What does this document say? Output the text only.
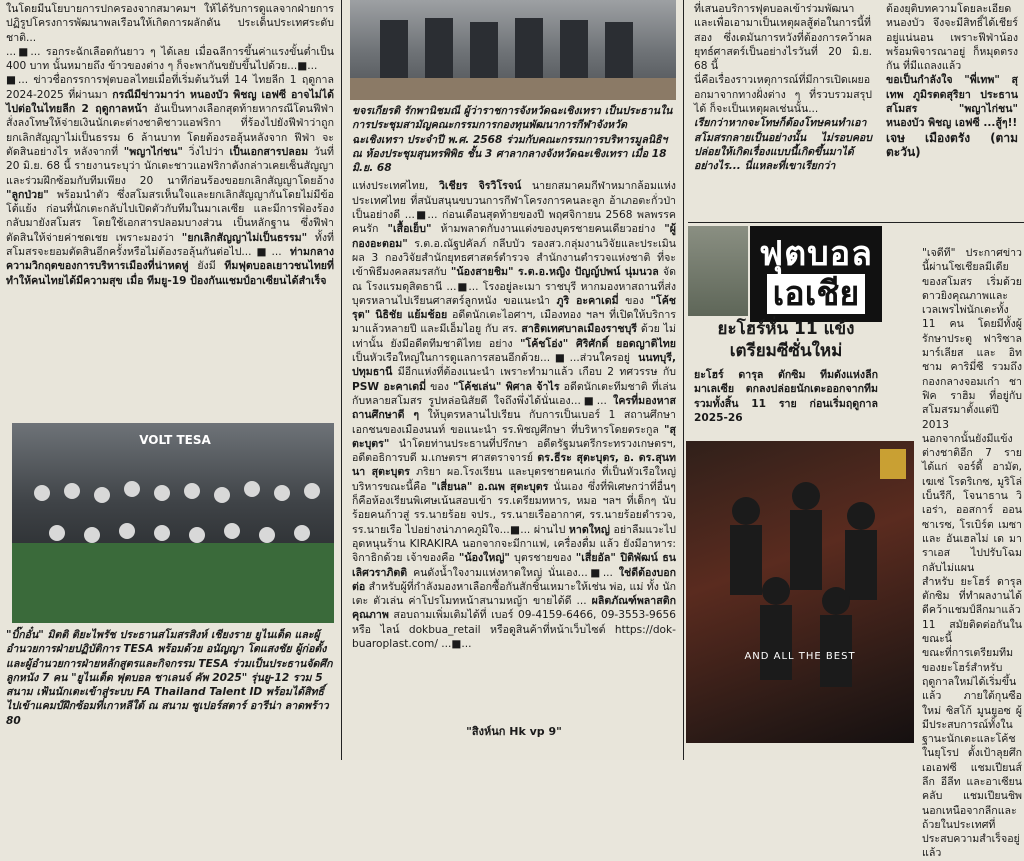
ในโดยมีนโยบายการปกครองจากสมาคมฯ ให้ได้รับการดูแลจากฝ่ายการปฏิรูปโครงการพัฒนาพลเรือนให้เกิดการผลักดัน ประเด็นประเทศระดับชาติ...

...■... รอกระฉักเลือดกันยาว ๆ ได้เลย เมื่อฉลีการขึ้นค่าแรงขั้นต่ำเป็น 400 บาท นั้นหมายถึง ข้าวของต่าง ๆ ก็จะพากันขยับขึ้นไปด้วย...■...

■... ข่าวชื่อกรรการฟุตบอลไทยเมื่อที่เริ่มต้นวันที่ 14 ไทยลีก 1 ฤดูกาล 2024-2025 ที่ผ่านมา กรณีมีข่าวมาว่า หนองบัว พิชญ เอฟซี อาจไม่ได้ไปต่อในไทยลีก 2 ฤดูกาลหน้า อันเป็นทางเลือกสุดท้ายหากรณีโดนฟีฟ่าสั่งลงโทษให้จ่ายเงินนักเตะต่างชาติชาวแอฟริกา ที่ร้องไปยังฟีฟ่าว่าถูกยกเลิกสัญญาไม่เป็นธรรม 6 ล้านบาท โดยต้องรอลุ้นหลังจาก ฟีฟ่า จะตัดสินอย่างไร หลังจากที่ "พญาไก่ชน" วิ่งไปว่า เป็นเอกสารปลอม วันที่ 20 มิ.ย. 68 นี้ รายงานระบุว่า นักเตะชาวแอฟริกาดังกล่าวเคยเซ็นสัญญาและร่วมฝึกซ้อมกับทีมเพียง 20 นาทีก่อนร้องขอยกเลิกสัญญาโดยอ้าง "ลูกป่วย" พร้อมนำตัว ซึ่งสโมสรเห็นใจและยกเลิกสัญญากันโดยไม่มีข้อโต้แย้ง ก่อนที่นักเตะกลับไปเปิดตัวกับทีมในมาเลเซีย และมีการฟ้องร้องกลับมายังสโมสร โดยใช้เอกสารปลอมบางส่วน เป็นหลักฐาน ซึ่งฟีฟ่าตัดสินให้จ่ายค่าชดเชย เพราะมองว่า "ยกเลิกสัญญาไม่เป็นธรรม" ทั้งที่สโมสรจะยอมตัดสินอีกครั้งหรือไม่ต้องรอลุ้นกันต่อไป...■... ท่ามกลางความวิกฤตของการบริหารเมืองที่น่าหดหู่ ยังมี ทีมฟุตบอลเยาวชนไทยที่ทำให้คนไทยได้มีความสุข เมื่อ ทีมยู-19 ป้องกันแชมป์อาเซียนได้สำเร็จ

VOLT TESA

"บิ๊กอั๋น" มิตติ ติยะไพรัช ประธานสโมสรสิงห์ เชียงราย ยูไนเต็ด และผู้อำนวยการฝ่ายปฏิบัติการ TESA พร้อมด้วย อนัญญา โตแสงชัย ผู้ก่อตั้งและผู้อำนวยการฝ่ายหลักสูตรและกิจกรรม TESA ร่วมเป็นประธานจัดศึกลูกหนัง 7 คน "ยูไนเต็ด ฟุตบอล ชาเลนจ์ คัพ 2025" รุ่นยู-12 รวม 5 สนาม เฟ้นนักเตะเข้าสู่ระบบ FA Thailand Talent ID พร้อมได้สิทธิ์ไปเข้าแคมป์ฝึกซ้อมที่เกาหลีใต้ ณ สนาม ซูเปอร์สตาร์ อารีน่า ลาดพร้าว 80

ขจรเกียรติ รักพานิชมณี ผู้ว่าราชการจังหวัดฉะเชิงเทรา เป็นประธานในการประชุมสามัญคณะกรรมการกองทุนพัฒนาการกีฬาจังหวัดฉะเชิงเทรา ประจำปี พ.ศ. 2568 ร่วมกับคณะกรรมการบริหารมูลนิธิฯ ณ ห้องประชุมสุนทรพิพิธ ชั้น 3 ศาลากลางจังหวัดฉะเชิงเทรา เมื่อ 18 มิ.ย. 68

แห่งประเทศไทย, วิเชียร จิรวิโรจน์ นายกสมาคมกีฬาหมากล้อมแห่งประเทศไทย ที่สนับสนุนขบวนการกีฬาโครงการคนละลูก อ้าเภอตะกั่วป่า เป็นอย่างดี ...■... ก่อนเดือนสุดท้ายของปี พฤศจิกายน 2568 พลพรรคคนรัก "เสื้อเย็บ" ห้ามพลาดกับงานแต่งของบุตรชายคนเดียวอย่าง "ผู้กองอะตอม" ร.ต.อ.ณัฐปคัลภ์ กลีบบัว รองสว.กลุ่มงานวิจัยและประเมินผล 3 กองวิจัยสำนักยุทธศาสตร์ตำรวจ สำนักงานตำรวจแห่งชาติ ที่จะเข้าพิธีมงคลสมรสกับ "น้องสายชิม" ร.ต.อ.หญิง ปัญญ์ปพน์ นุ่มนวล จัด ณ โรงแรมดุสิตธานี ...■... โรงอยู่ละเมา ราชบุรี หากมองหาสถานที่ส่งบุตรหลานไปเรียนศาสตร์ลูกหนัง ขอแนะนำ ภูริ อะคาเดมี่ ของ "โค้ชรุต" นิธิชัย แย้มช้อย อดีตนักเตะไอศาฯ, เมืองทอง ฯลฯ ที่เปิดให้บริการมาแล้วหลายปี และมีเอ็มไอยู กับ สร. สาธิตเทศบาลเมืองราชบุรี ด้วย ไม่เท่านั้น ยังมีอดีตทีมชาติไทย อย่าง "โค้ชโอ่ง" ศิริศักดิ์ ยอดญาติไทย เป็นหัวเรือใหญ่ในการดูแลการสอนอีกด้วย...■...ส่วนใครอยู่ นนทบุรี, ปทุมธานี มีอีกแห่งที่ต้องแนะนำ เพราะทำมาแล้ว เกือบ 2 ทศวรรษ กับ PSW อะคาเดมี่ ของ "โค้ชเล่น" พิศาล จ้าไร อดีตนักเตะทีมชาติ ที่เล่นกับหลายสโมสร รูปหล่อนิสัยดี ใจถึงพึ่งได้นั่นเอง...■... ใครที่มองหาสถานศึกษาดี ๆ ให้บุตรหลานไปเรียน กับการเป็นเบอร์ 1 สถานศึกษาเอกชนของเมืองนนท์ ขอแนะนำ รร.พิชญศึกษา ที่บริหารโดยตระกูล "สุตะบุตร" นำโดยท่านประธานที่ปรึกษา อดีตรัฐมนตรีกระทรวงเกษตรฯ, อดีตอธิการบดี ม.เกษตรฯ ศาสตราจารย์ ดร.ธีระ สุตะบุตร, อ. ดร.สุนทนา สุตะบุตร ภริยา ผอ.โรงเรียน และบุตรชายคนเก่ง ที่เป็นหัวเรือใหญ่บริหารขณะนี้คือ "เสี่ยนล" อ.ณพ สุตะบุตร นั่นเอง ซึ่งที่พิเศษกว่าที่อื่นๆ ก็คือห้องเรียนพิเศษเน้นสอบเข้า รร.เตรียมทหาร, หมอ ฯลฯ ที่เด็กๆ นับร้อยคนก้าวสู่ รร.นายร้อย จปร., รร.นายเรืออากาศ, รร.นายร้อยตำรวจ, รร.นายเรือ ไปอย่างน่าภาคภูมิใจ...■... ผ่านไป หาดใหญ่ อย่าลืมแวะไปอุดหนุนร้าน KIRAKIRA นอกจากจะมีกาแฟ, เครื่องดื่ม แล้ว ยังมีอาหาร: จิกาธิกด้วย เจ้าของคือ "น้องใหญ่" บุตรชายของ "เสี่ยอัล" ปิติพัฒน์ ธนเลิศวราภิตติ คนดังน้ำใจงามแห่งหาดใหญ่ นั่นเอง...■... ใช่ดีต้องบอกต่อ สำหรับผู้ที่กำลังมองหาเลือกซื้อกันสักชิ้นเหมาะให้เช่น พ่อ, แม่ ทั้ง นักเตะ ตัวเล่น ค่าโปรโมทหน้าสนามหญ้า ขายได้ดี ... ผลิตภัณฑ์พลาสติกคุณภาพ สอบถามเพิ่มเติมได้ที่ เบอร์ 09-4159-6466, 09-3553-9656 หรือ ไลน์ dokbua_retail หรือดูสินค้าที่หน้าเว็บไซต์ https://dok-buaroplast.com/ ...■...

"สิงห์นก Hk vp 9"

ที่เสนอบริการฟุตบอลเข้าร่วมพัฒนาและเพื่อเอามาเป็นเหตุผลสู้ต่อในการนี้ที่สอง ซึ่งเดมันการหวังที่ต้องการคว้าผลยุทธ์ศาสตร์เป็นอย่างไรวันที่ 20 มิ.ย. 68 นี้

นี่คือเรื่องราวเหตุการณ์ที่มีการเปิดเผยออกมาจากทางฝั่งต่าง ๆ ที่รวบรวมสรุปได้ ก็จะเป็นเหตุผลเช่นนั้น...

เรียกว่าหากจะโทษก็ต้องโทษคนทำเอาสโมสรกลายเป็นอย่างนั้น ไม่รอบคอบ ปล่อยให้เกิดเรื่องแบบนี้เกิดขึ้นมาได้ อย่างไร... นี่แหละที่เขาเรียกว่า

ต้องยุติบทความโดยละเอียด หนองบัว จึงจะมีสิทธิ์ได้เชียร์อยู่แน่นอน เพราะฟีฟ่าน้องพร้อมพิจารณาอยู่ ก็หมุดตรงกัน ที่มีแถลงแล้ว

ขอเป็นกำลังใจ "พี่เทพ" สุเทพ ภูมิรตดสุริยา ประธานสโมสร "พญาไก่ชน" หนองบัว พิชญ เอฟซี ...สู้ๆ!!

เจษ เมืองตรัง (ตามตะวัน)

ฟุตบอล
เอเชีย
ยะโฮร์หั่น 11 แข้ง
เตรียมซีซั่นใหม่

ยะโฮร์ ดารุล ตักซิม ทีมดังแห่งลีกมาเลเซีย ตกลงปล่อยนักเตะออกจากทีมรวมทั้งสิ้น 11 ราย ก่อนเริ่มฤดูกาล 2025-26

AND ALL THE BEST

"เจดีที" ประกาศข่าวนี้ผ่านโซเชียลมีเดียของสโมสร เริ่มด้วยดาวยิงคุณภาพและเวลเพรไพ่นักเตะทั้ง 11 คน โดยมีทั้งผู้รักษาประตู ฟาริซาล มาร์เลียส และ อิทชาม คาริมี่ซี รวมถึงกองกลางจอมเก๋า ชาฟิค ราฮิม ที่อยู่กับสโมสรมาตั้งแต่ปี 2013

นอกจากนั้นยังมีแข้งต่างชาติอีก 7 ราย ได้แก่ จอร์ดี้ อามัต, เฆเซ่ โรดริเกซ, มูริโล่ เบ็นรีกี, โจนาธาน วิเอร่า, ออสการ์ ออนซาเรซ, โรเบิร์ต เมซา และ อันเฮลไม่ เด มาราเอส ไปปรับโฉมกลับไม่แผน

สำหรับ ยะโฮร์ ดารุล ตักซิม ที่ทำผลงานได้ดีคว้าแชมป์ลีกมาแล้ว 11 สมัยติดต่อกันในขณะนี้

ขณะที่การเตรียมทีมของยะโฮร์สำหรับฤดูกาลใหม่ได้เริ่มขึ้นแล้ว ภายใต้กุนซือใหม่ ซิสโก้ มูนยูอซ ผู้มีประสบการณ์ทั้งในฐานะนักเตะและโค้ชในยุโรป ตั้งเป้าลุยศึกเอเอฟซี แชมเปียนส์ลีก อีลีท และอาเซียนคลับ แชมเปียนชิพ นอกเหนือจากลีกและถ้วยในประเทศที่ประสบความสำเร็จอยู่แล้ว
